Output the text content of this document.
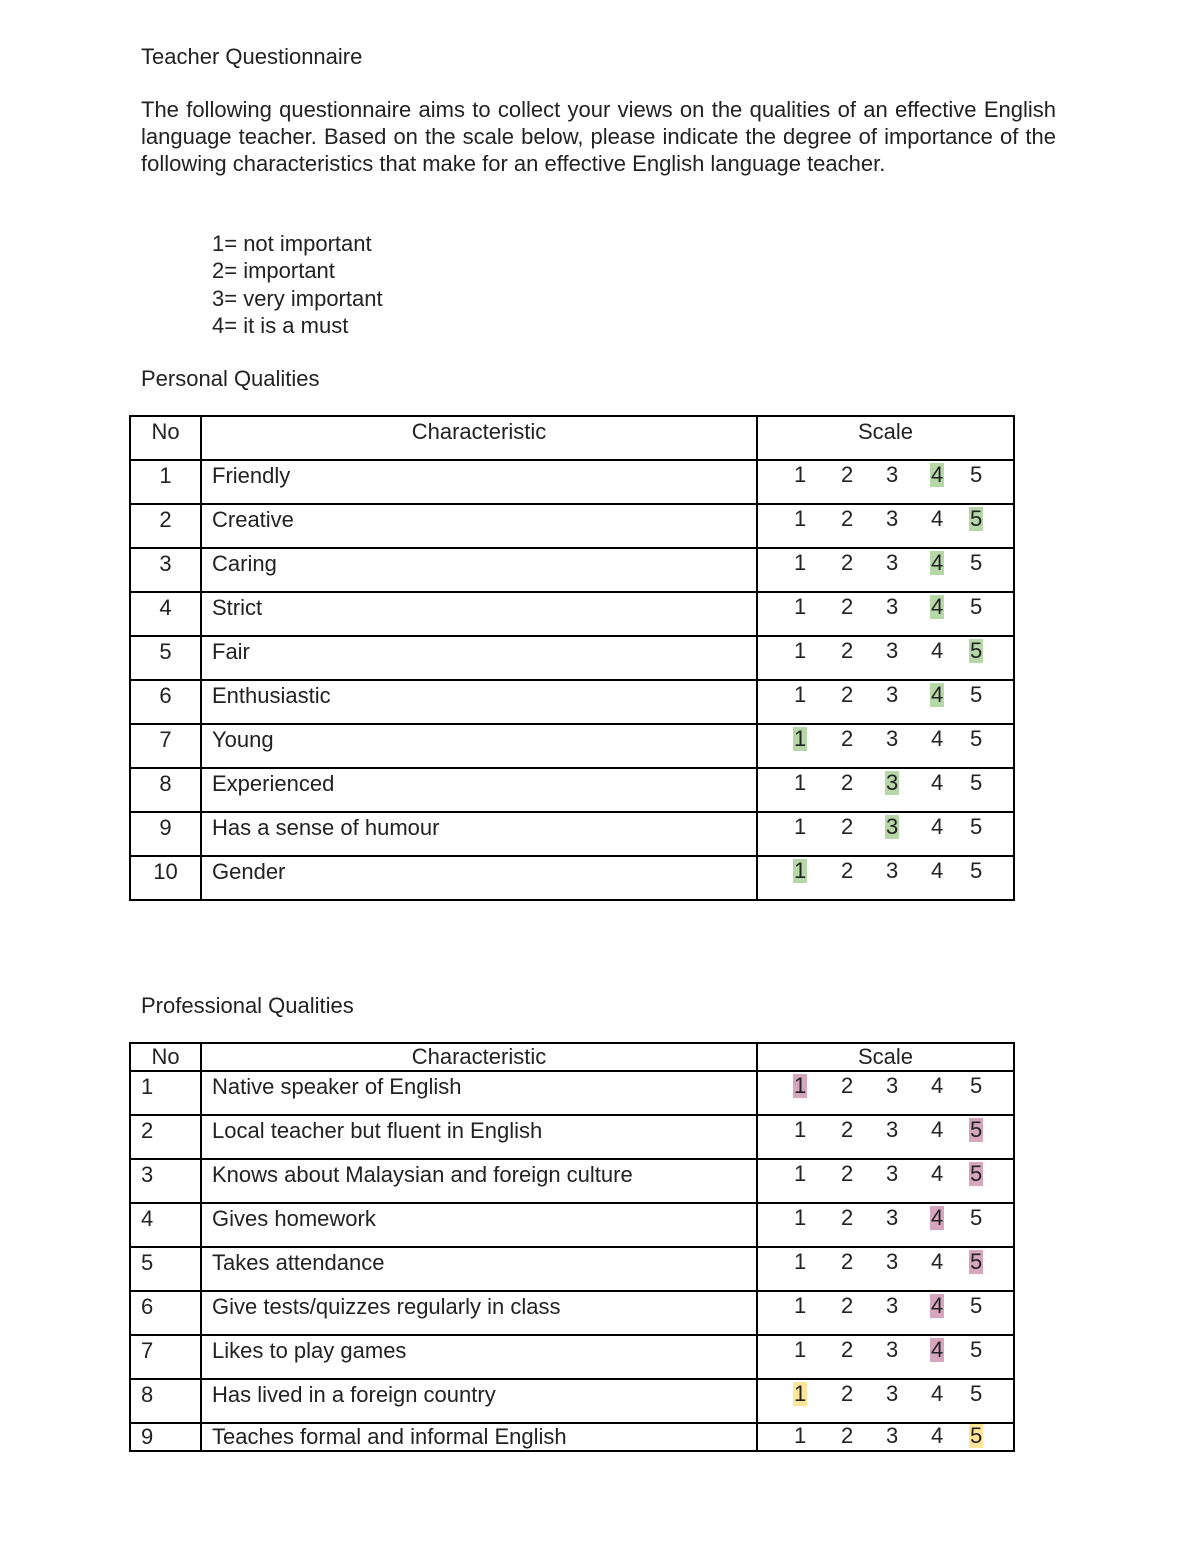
Teacher Questionnaire
The following questionnaire aims to collect your views on the qualities of an effective English language teacher. Based on the scale below, please indicate the degree of importance of the following characteristics that make for an effective English language teacher.
1= not important
2= important
3= very important
4= it is a must
Personal Qualities
No	Characteristic	Scale
1	Friendly	1 2 3 4 5

2	Creative	1 2 3 4 5

3	Caring	1 2 3 4 5

4	Strict	1 2 3 4 5

5	Fair	1 2 3 4 5

6	Enthusiastic	1 2 3 4 5

7	Young	1 2 3 4 5

8	Experienced	1 2 3 4 5

9	Has a sense of humour	1 2 3 4 5

10	Gender	1 2 3 4 5
Professional Qualities
No	Characteristic	Scale
1	Native speaker of English	1 2 3 4 5

2	Local teacher but fluent in English	1 2 3 4 5

3	Knows about Malaysian and foreign culture	1 2 3 4 5

4	Gives homework	1 2 3 4 5

5	Takes attendance	1 2 3 4 5

6	Give tests/quizzes regularly in class	1 2 3 4 5

7	Likes to play games	1 2 3 4 5

8	Has lived in a foreign country	1 2 3 4 5

9	Teaches formal and informal English	1 2 3 4 5
